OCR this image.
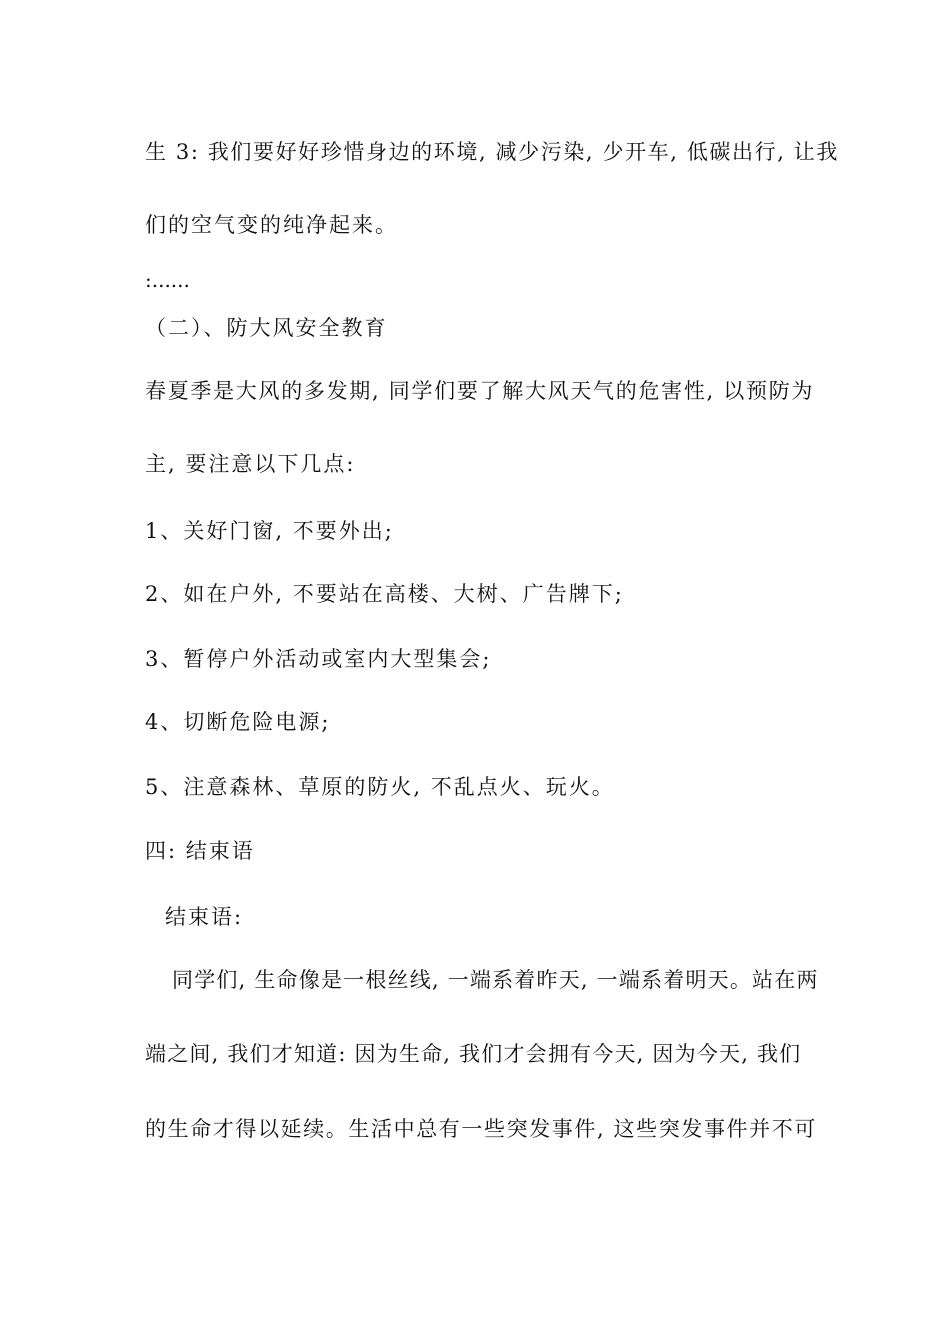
生 3: 我们要好好珍惜身边的环境, 减少污染, 少开车, 低碳出行, 让我
们的空气变的纯净起来。
:......
（二）、防大风安全教育
春夏季是大风的多发期, 同学们要了解大风天气的危害性, 以预防为
主, 要注意以下几点:
1、关好门窗, 不要外出;
2、如在户外, 不要站在高楼、大树、广告牌下;
3、暂停户外活动或室内大型集会;
4、切断危险电源;
5、注意森林、草原的防火, 不乱点火、玩火。
四: 结束语
结束语:
同学们, 生命像是一根丝线, 一端系着昨天, 一端系着明天。站在两
端之间, 我们才知道: 因为生命, 我们才会拥有今天, 因为今天, 我们
的生命才得以延续。生活中总有一些突发事件, 这些突发事件并不可
